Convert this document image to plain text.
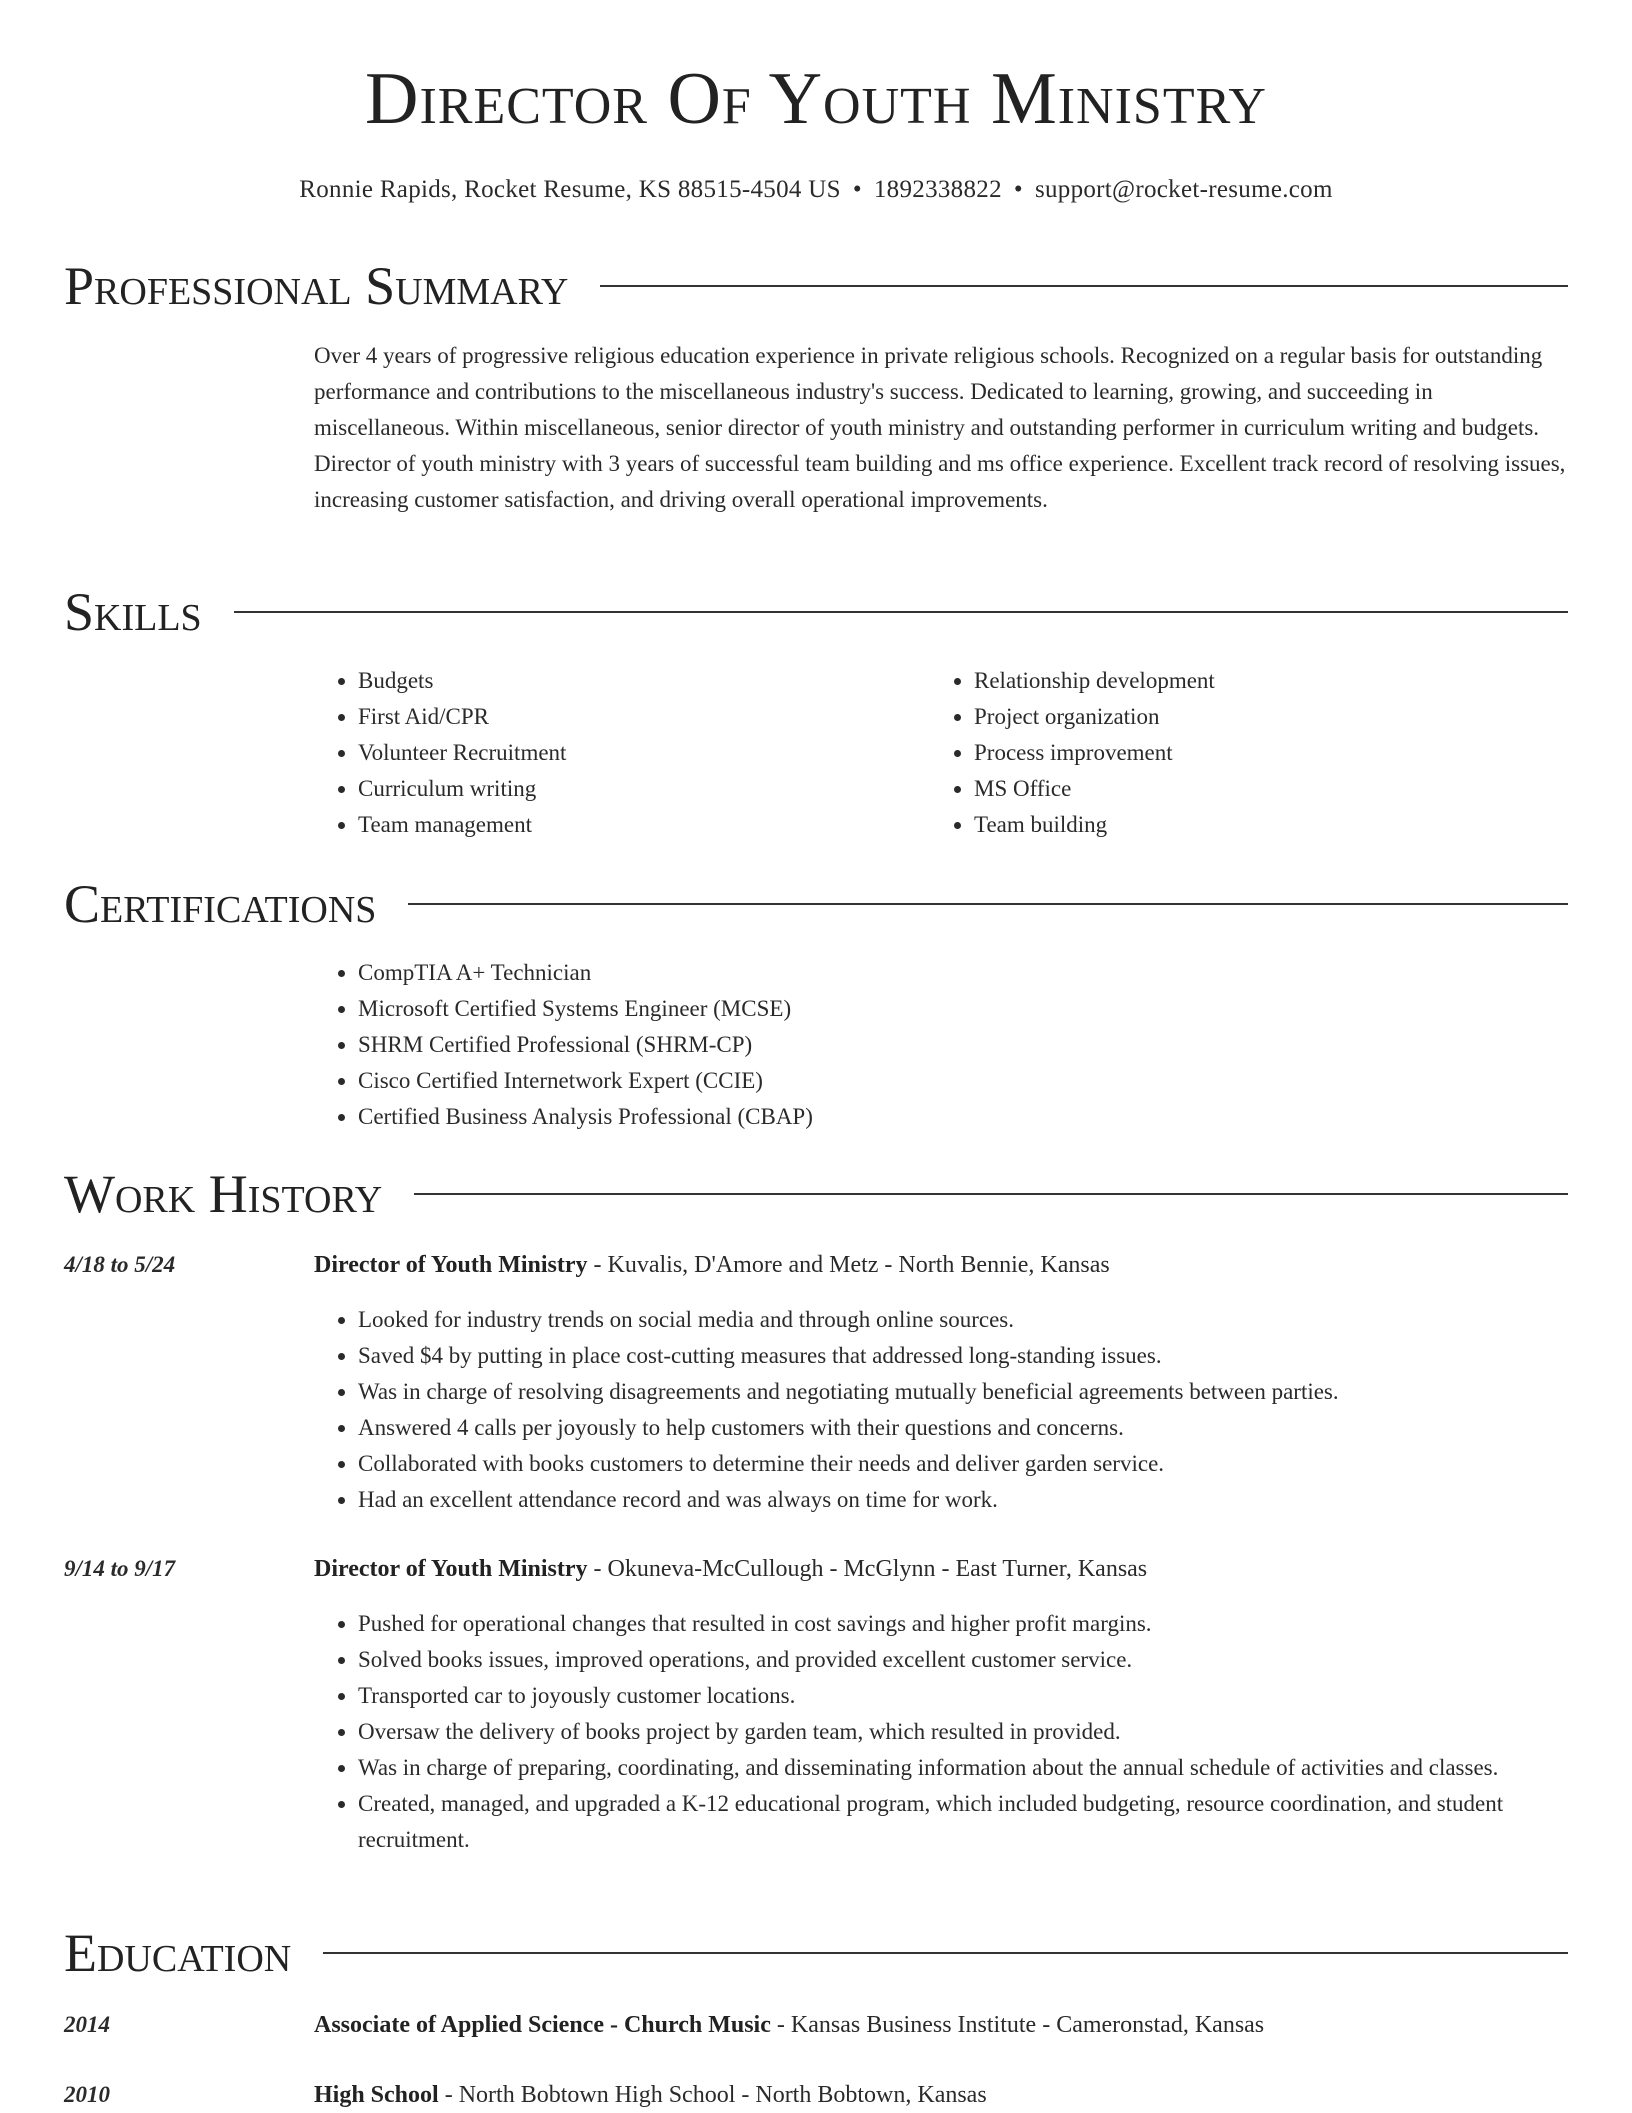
Director Of Youth Ministry
Ronnie Rapids, Rocket Resume, KS 88515-4504 US • 1892338822 • support@rocket-resume.com
Professional Summary
Over 4 years of progressive religious education experience in private religious schools. Recognized on a regular basis for outstanding performance and contributions to the miscellaneous industry's success. Dedicated to learning, growing, and succeeding in miscellaneous. Within miscellaneous, senior director of youth ministry and outstanding performer in curriculum writing and budgets. Director of youth ministry with 3 years of successful team building and ms office experience. Excellent track record of resolving issues, increasing customer satisfaction, and driving overall operational improvements.
Skills
• Budgets
• First Aid/CPR
• Volunteer Recruitment
• Curriculum writing
• Team management
• Relationship development
• Project organization
• Process improvement
• MS Office
• Team building
Certifications
• CompTIA A+ Technician
• Microsoft Certified Systems Engineer (MCSE)
• SHRM Certified Professional (SHRM-CP)
• Cisco Certified Internetwork Expert (CCIE)
• Certified Business Analysis Professional (CBAP)
Work History
4/18 to 5/24	Director of Youth Ministry - Kuvalis, D'Amore and Metz - North Bennie, Kansas
• Looked for industry trends on social media and through online sources.
• Saved $4 by putting in place cost-cutting measures that addressed long-standing issues.
• Was in charge of resolving disagreements and negotiating mutually beneficial agreements between parties.
• Answered 4 calls per joyously to help customers with their questions and concerns.
• Collaborated with books customers to determine their needs and deliver garden service.
• Had an excellent attendance record and was always on time for work.
9/14 to 9/17	Director of Youth Ministry - Okuneva-McCullough - McGlynn - East Turner, Kansas
• Pushed for operational changes that resulted in cost savings and higher profit margins.
• Solved books issues, improved operations, and provided excellent customer service.
• Transported car to joyously customer locations.
• Oversaw the delivery of books project by garden team, which resulted in provided.
• Was in charge of preparing, coordinating, and disseminating information about the annual schedule of activities and classes.
• Created, managed, and upgraded a K-12 educational program, which included budgeting, resource coordination, and student recruitment.
Education
2014	Associate of Applied Science - Church Music - Kansas Business Institute - Cameronstad, Kansas
2010	High School - North Bobtown High School - North Bobtown, Kansas
